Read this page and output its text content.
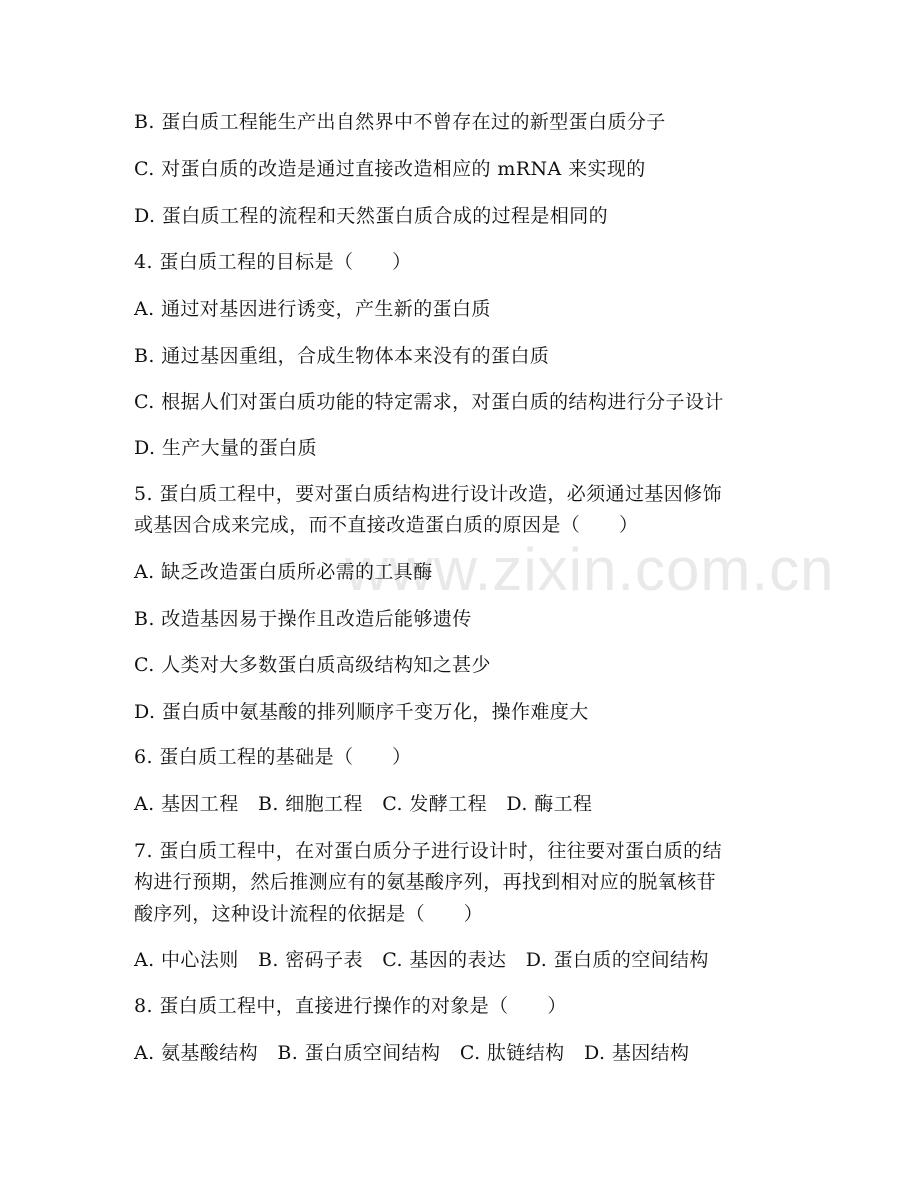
www.zixin.com.cn
B. 蛋白质工程能生产出自然界中不曾存在过的新型蛋白质分子
C. 对蛋白质的改造是通过直接改造相应的 mRNA 来实现的
D. 蛋白质工程的流程和天然蛋白质合成的过程是相同的
4. 蛋白质工程的目标是（　　）
A. 通过对基因进行诱变，产生新的蛋白质
B. 通过基因重组，合成生物体本来没有的蛋白质
C. 根据人们对蛋白质功能的特定需求，对蛋白质的结构进行分子设计
D. 生产大量的蛋白质
5. 蛋白质工程中，要对蛋白质结构进行设计改造，必须通过基因修饰
或基因合成来完成，而不直接改造蛋白质的原因是（　　）
A. 缺乏改造蛋白质所必需的工具酶
B. 改造基因易于操作且改造后能够遗传
C. 人类对大多数蛋白质高级结构知之甚少
D. 蛋白质中氨基酸的排列顺序千变万化，操作难度大
6. 蛋白质工程的基础是（　　）
A. 基因工程　B. 细胞工程　C. 发酵工程　D. 酶工程
7. 蛋白质工程中，在对蛋白质分子进行设计时，往往要对蛋白质的结
构进行预期，然后推测应有的氨基酸序列，再找到相对应的脱氧核苷
酸序列，这种设计流程的依据是（　　）
A. 中心法则　B. 密码子表　C. 基因的表达　D. 蛋白质的空间结构
8. 蛋白质工程中，直接进行操作的对象是（　　）
A. 氨基酸结构　B. 蛋白质空间结构　C. 肽链结构　D. 基因结构
